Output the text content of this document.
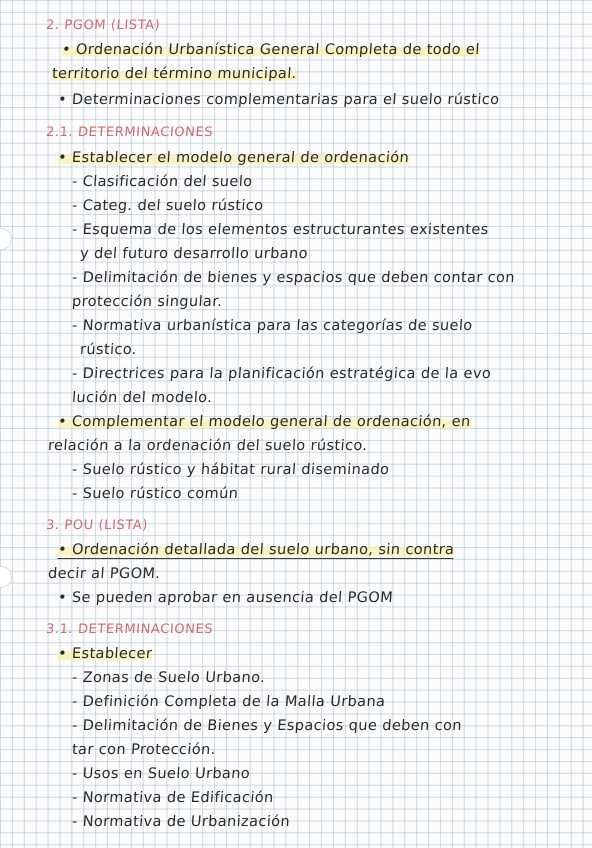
2. PGOM (LISTA)
• Ordenación Urbanística General Completa de todo el
territorio del término municipal.
• Determinaciones complementarias para el suelo rústico
2.1. DETERMINACIONES
• Establecer el modelo general de ordenación
- Clasificación del suelo
- Categ. del suelo rústico
- Esquema de los elementos estructurantes existentes
y del futuro desarrollo urbano
- Delimitación de bienes y espacios que deben contar con
protección singular.
- Normativa urbanística para las categorías de suelo
rústico.
- Directrices para la planificación estratégica de la evo
lución del modelo.
• Complementar el modelo general de ordenación, en
relación a la ordenación del suelo rústico.
- Suelo rústico y hábitat rural diseminado
- Suelo rústico común
3. POU (LISTA)
• Ordenación detallada del suelo urbano, sin contra
decir al PGOM.
• Se pueden aprobar en ausencia del PGOM
3.1. DETERMINACIONES
• Establecer
- Zonas de Suelo Urbano.
- Definición Completa de la Malla Urbana
- Delimitación de Bienes y Espacios que deben con
tar con Protección.
- Usos en Suelo Urbano
- Normativa de Edificación
- Normativa de Urbanización
